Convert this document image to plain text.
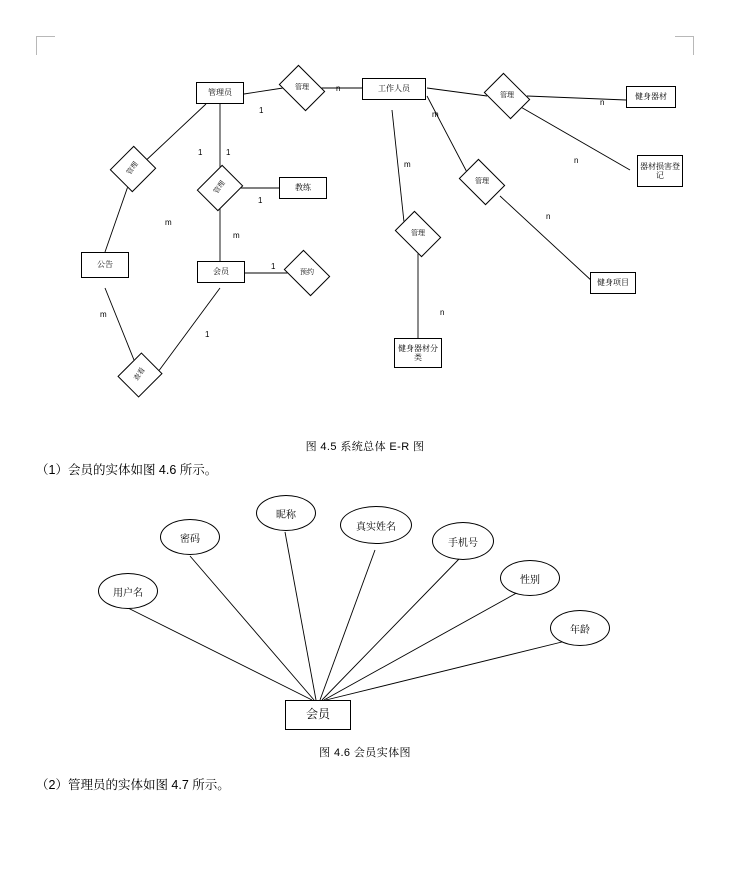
管理员	工作人员
教练
会员
公告
健身器材
器材损害登记
健身项目
健身器材分类
管理
管理
管理
管理
管理
管理
查看
预约
1
n
1	1
1
1
m
m
1
m
m
m
n
n
n
n
图 4.5 系统总体 E-R 图
（1）会员的实体如图 4.6 所示。
用户名
密码
昵称
真实姓名
手机号
性别
年龄
会员
图 4.6 会员实体图
（2）管理员的实体如图 4.7 所示。
